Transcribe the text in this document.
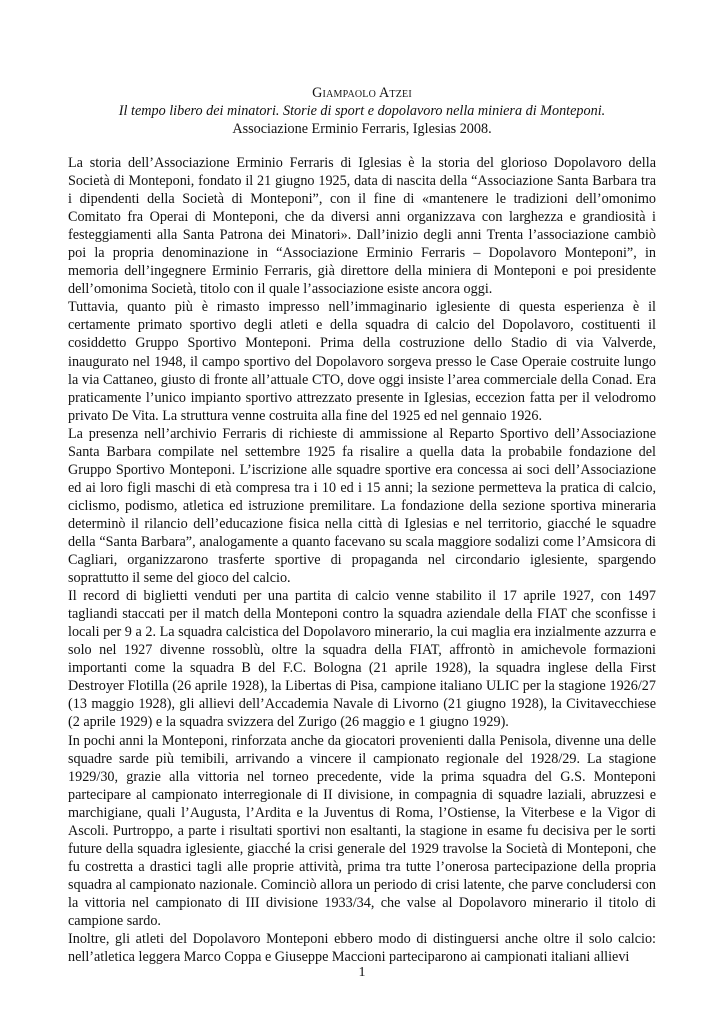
Giampaolo Atzei
Il tempo libero dei minatori. Storie di sport e dopolavoro nella miniera di Monteponi.
Associazione Erminio Ferraris, Iglesias 2008.

La storia dell’Associazione Erminio Ferraris di Iglesias è la storia del glorioso Dopolavoro della Società di Monteponi, fondato il 21 giugno 1925, data di nascita della “Associazione Santa Barbara tra i dipendenti della Società di Monteponi”, con il fine di «mantenere le tradizioni dell’omonimo Comitato fra Operai di Monteponi, che da diversi anni organizzava con larghezza e grandiosità i festeggiamenti alla Santa Patrona dei Minatori». Dall’inizio degli anni Trenta l’associazione cambiò poi la propria denominazione in “Associazione Erminio Ferraris – Dopolavoro Monteponi”, in memoria dell’ingegnere Erminio Ferraris, già direttore della miniera di Monteponi e poi presidente dell’omonima Società, titolo con il quale l’associazione esiste ancora oggi.

Tuttavia, quanto più è rimasto impresso nell’immaginario iglesiente di questa esperienza è il certamente primato sportivo degli atleti e della squadra di calcio del Dopolavoro, costituenti il cosiddetto Gruppo Sportivo Monteponi. Prima della costruzione dello Stadio di via Valverde, inaugurato nel 1948, il campo sportivo del Dopolavoro sorgeva presso le Case Operaie costruite lungo la via Cattaneo, giusto di fronte all’attuale CTO, dove oggi insiste l’area commerciale della Conad. Era praticamente l’unico impianto sportivo attrezzato presente in Iglesias, eccezion fatta per il velodromo privato De Vita. La struttura venne costruita alla fine del 1925 ed nel gennaio 1926.

La presenza nell’archivio Ferraris di richieste di ammissione al Reparto Sportivo dell’Associazione Santa Barbara compilate nel settembre 1925 fa risalire a quella data la probabile fondazione del Gruppo Sportivo Monteponi. L’iscrizione alle squadre sportive era concessa ai soci dell’Associazione ed ai loro figli maschi di età compresa tra i 10 ed i 15 anni; la sezione permetteva la pratica di calcio, ciclismo, podismo, atletica ed istruzione premilitare. La fondazione della sezione sportiva mineraria determinò il rilancio dell’educazione fisica nella città di Iglesias e nel territorio, giacché le squadre della “Santa Barbara”, analogamente a quanto facevano su scala maggiore sodalizi come l’Amsicora di Cagliari, organizzarono trasferte sportive di propaganda nel circondario iglesiente, spargendo soprattutto il seme del gioco del calcio.

Il record di biglietti venduti per una partita di calcio venne stabilito il 17 aprile 1927, con 1497 tagliandi staccati per il match della Monteponi contro la squadra aziendale della FIAT che sconfisse i locali per 9 a 2. La squadra calcistica del Dopolavoro minerario, la cui maglia era inzialmente azzurra e solo nel 1927 divenne rossoblù, oltre la squadra della FIAT, affrontò in amichevole formazioni importanti come la squadra B del F.C. Bologna (21 aprile 1928), la squadra inglese della First Destroyer Flotilla (26 aprile 1928), la Libertas di Pisa, campione italiano ULIC per la stagione 1926/27 (13 maggio 1928), gli allievi dell’Accademia Navale di Livorno (21 giugno 1928), la Civitavecchiese (2 aprile 1929) e la squadra svizzera del Zurigo (26 maggio e 1 giugno 1929).

In pochi anni la Monteponi, rinforzata anche da giocatori provenienti dalla Penisola, divenne una delle squadre sarde più temibili, arrivando a vincere il campionato regionale del 1928/29. La stagione 1929/30, grazie alla vittoria nel torneo precedente, vide la prima squadra del G.S. Monteponi partecipare al campionato interregionale di II divisione, in compagnia di squadre laziali, abruzzesi e marchigiane, quali l’Augusta, l’Ardita e la Juventus di Roma, l’Ostiense, la Viterbese e la Vigor di Ascoli. Purtroppo, a parte i risultati sportivi non esaltanti, la stagione in esame fu decisiva per le sorti future della squadra iglesiente, giacché la crisi generale del 1929 travolse la Società di Monteponi, che fu costretta a drastici tagli alle proprie attività, prima tra tutte l’onerosa partecipazione della propria squadra al campionato nazionale. Cominciò allora un periodo di crisi latente, che parve concludersi con la vittoria nel campionato di III divisione 1933/34, che valse al Dopolavoro minerario il titolo di campione sardo.

Inoltre, gli atleti del Dopolavoro Monteponi ebbero modo di distinguersi anche oltre il solo calcio: nell’atletica leggera Marco Coppa e Giuseppe Maccioni parteciparono ai campionati italiani allievi

1
